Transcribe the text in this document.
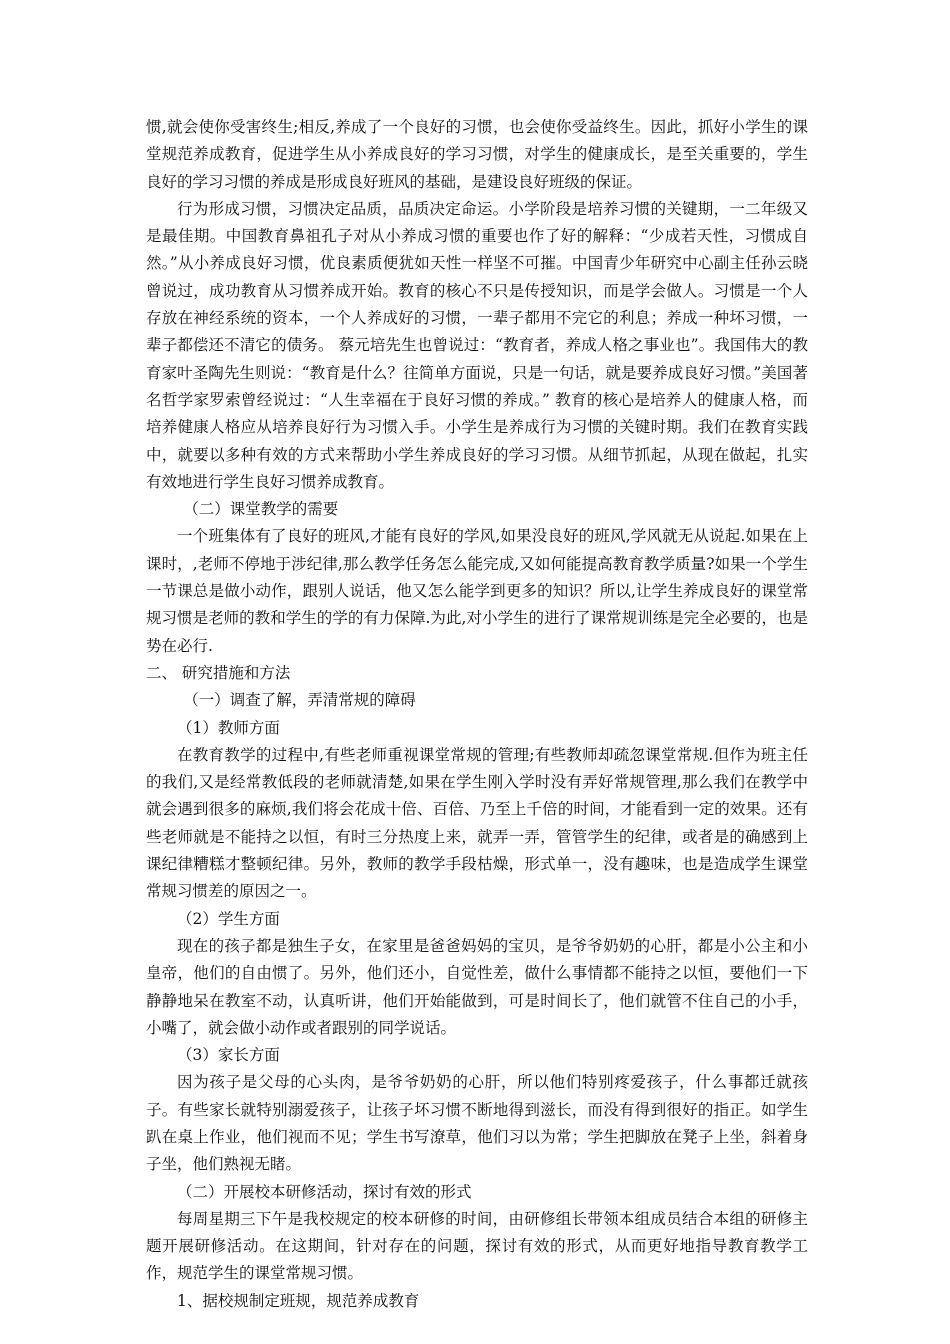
惯,就会使你受害终生;相反,养成了一个良好的习惯，也会使你受益终生。因此，抓好小学生的课堂规范养成教育，促进学生从小养成良好的学习习惯，对学生的健康成长，是至关重要的，学生良好的学习习惯的养成是形成良好班风的基础，是建设良好班级的保证。

行为形成习惯，习惯决定品质，品质决定命运。小学阶段是培养习惯的关键期，一二年级又是最佳期。中国教育鼻祖孔子对从小养成习惯的重要也作了好的解释：“少成若天性，习惯成自然。”从小养成良好习惯，优良素质便犹如天性一样坚不可摧。中国青少年研究中心副主任孙云晓曾说过，成功教育从习惯养成开始。教育的核心不只是传授知识，而是学会做人。习惯是一个人存放在神经系统的资本，一个人养成好的习惯，一辈子都用不完它的利息；养成一种坏习惯，一辈子都偿还不清它的债务。 蔡元培先生也曾说过：“教育者，养成人格之事业也”。我国伟大的教育家叶圣陶先生则说：“教育是什么？往简单方面说，只是一句话，就是要养成良好习惯。”美国著名哲学家罗索曾经说过：“人生幸福在于良好习惯的养成。” 教育的核心是培养人的健康人格，而培养健康人格应从培养良好行为习惯入手。小学生是养成行为习惯的关键时期。我们在教育实践中，就要以多种有效的方式来帮助小学生养成良好的学习习惯。从细节抓起，从现在做起，扎实有效地进行学生良好习惯养成教育。

（二）课堂教学的需要

一个班集体有了良好的班风,才能有良好的学风,如果没良好的班风,学风就无从说起.如果在上课时，,老师不停地于涉纪律,那么教学任务怎么能完成,又如何能提高教育教学质量?如果一个学生一节课总是做小动作，跟别人说话，他又怎么能学到更多的知识？所以,让学生养成良好的课堂常规习惯是老师的教和学生的学的有力保障.为此,对小学生的进行了课常规训练是完全必要的，也是势在必行.

二、 研究措施和方法

（一）调查了解，弄清常规的障碍

（1）教师方面

在教育教学的过程中,有些老师重视课堂常规的管理;有些教师却疏忽课堂常规.但作为班主任的我们,又是经常教低段的老师就清楚,如果在学生刚入学时没有弄好常规管理,那么我们在教学中就会遇到很多的麻烦,我们将会花成十倍、百倍、乃至上千倍的时间，才能看到一定的效果。还有些老师就是不能持之以恒，有时三分热度上来，就弄一弄，管管学生的纪律，或者是的确感到上课纪律糟糕才整顿纪律。另外，教师的教学手段枯燥，形式单一，没有趣味，也是造成学生课堂常规习惯差的原因之一。

（2）学生方面

现在的孩子都是独生子女，在家里是爸爸妈妈的宝贝，是爷爷奶奶的心肝，都是小公主和小皇帝，他们的自由惯了。另外，他们还小，自觉性差，做什么事情都不能持之以恒，要他们一下静静地呆在教室不动，认真听讲，他们开始能做到，可是时间长了，他们就管不住自己的小手，小嘴了，就会做小动作或者跟别的同学说话。

（3）家长方面

因为孩子是父母的心头肉，是爷爷奶奶的心肝，所以他们特别疼爱孩子，什么事都迁就孩子。有些家长就特别溺爱孩子，让孩子坏习惯不断地得到滋长，而没有得到很好的指正。如学生趴在桌上作业，他们视而不见；学生书写潦草，他们习以为常；学生把脚放在凳子上坐，斜着身子坐，他们熟视无睹。

（二）开展校本研修活动，探讨有效的形式

每周星期三下午是我校规定的校本研修的时间，由研修组长带领本组成员结合本组的研修主题开展研修活动。在这期间，针对存在的问题，探讨有效的形式，从而更好地指导教育教学工作，规范学生的课堂常规习惯。

1、据校规制定班规，规范养成教育
